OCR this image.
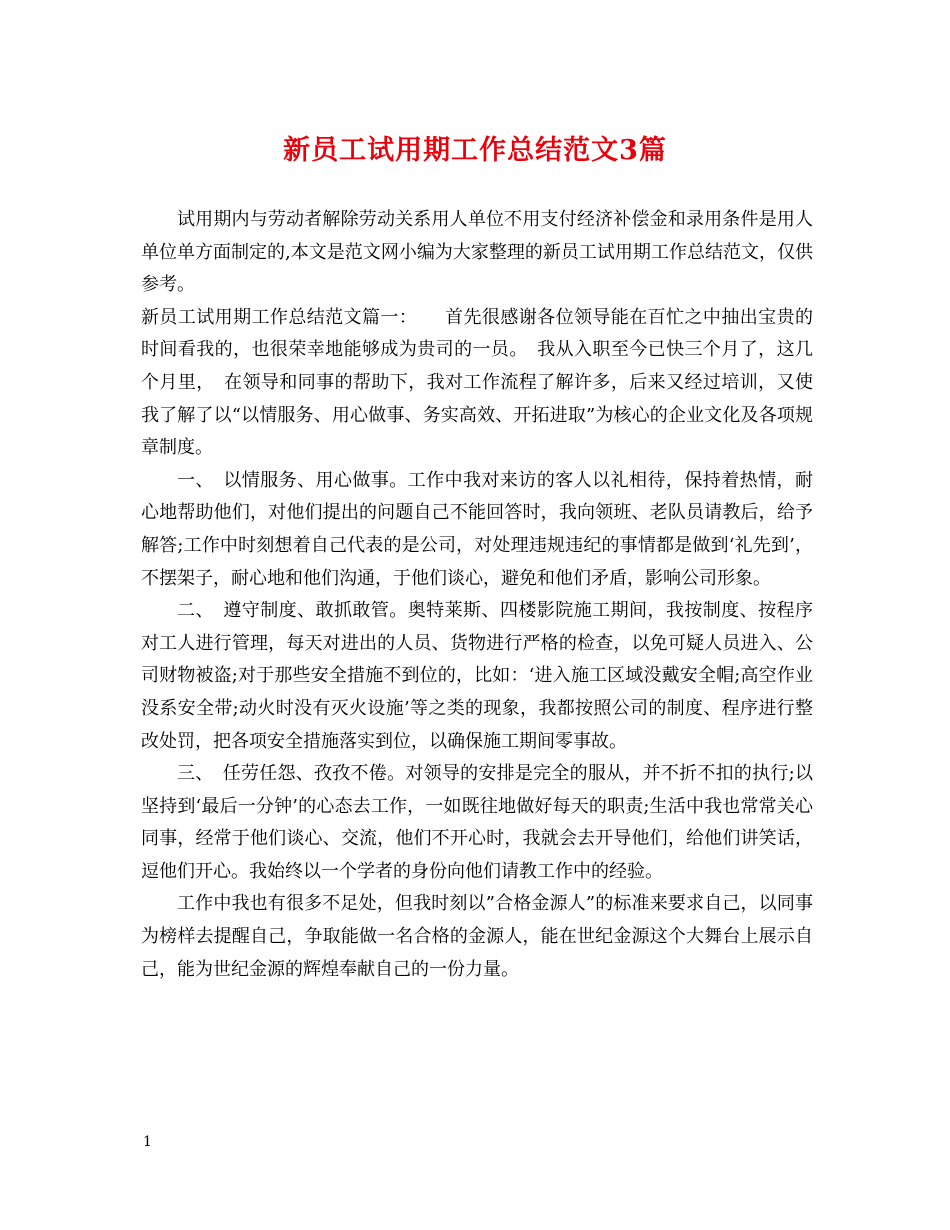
新员工试用期工作总结范文3篇

试用期内与劳动者解除劳动关系用人单位不用支付经济补偿金和录用条件是用人单位单方面制定的,本文是范文网小编为大家整理的新员工试用期工作总结范文，仅供参考。

新员工试用期工作总结范文篇一：　　首先很感谢各位领导能在百忙之中抽出宝贵的时间看我的，也很荣幸地能够成为贵司的一员。　我从入职至今已快三个月了，这几个月里，　在领导和同事的帮助下，我对工作流程了解许多，后来又经过培训，又使我了解了以“以情服务、用心做事、务实高效、开拓进取”为核心的企业文化及各项规章制度。

一、　以情服务、用心做事。工作中我对来访的客人以礼相待，保持着热情，耐心地帮助他们，对他们提出的问题自己不能回答时，我向领班、老队员请教后，给予解答;工作中时刻想着自己代表的是公司，对处理违规违纪的事情都是做到‘礼先到’，不摆架子，耐心地和他们沟通，于他们谈心，避免和他们矛盾，影响公司形象。

二、　遵守制度、敢抓敢管。奥特莱斯、四楼影院施工期间，我按制度、按程序对工人进行管理，每天对进出的人员、货物进行严格的检查，以免可疑人员进入、公司财物被盗;对于那些安全措施不到位的，比如：‘进入施工区域没戴安全帽;高空作业没系安全带;动火时没有灭火设施’等之类的现象，我都按照公司的制度、程序进行整改处罚，把各项安全措施落实到位，以确保施工期间零事故。

三、　任劳任怨、孜孜不倦。对领导的安排是完全的服从，并不折不扣的执行;以坚持到‘最后一分钟’的心态去工作，一如既往地做好每天的职责;生活中我也常常关心同事，经常于他们谈心、交流，他们不开心时，我就会去开导他们，给他们讲笑话，逗他们开心。我始终以一个学者的身份向他们请教工作中的经验。

工作中我也有很多不足处，但我时刻以”合格金源人”的标准来要求自己，以同事为榜样去提醒自己，争取能做一名合格的金源人，能在世纪金源这个大舞台上展示自己，能为世纪金源的辉煌奉献自己的一份力量。

1
